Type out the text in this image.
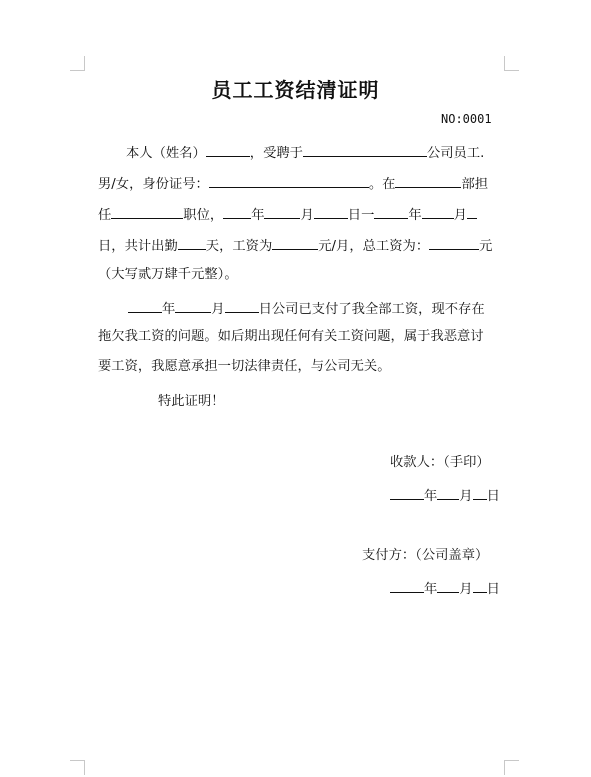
员工工资结清证明
NO:0001
本人（姓名）	，受聘于	公司员工.
男/女，身份证号：	。在	部担
任	职位， 年	月	日一	年 月
日，共计出勤 天，工资为	元/月，总工资为：	元
（大写贰万肆千元整）。
年	月	日公司已支付了我全部工资，现不存在
拖欠我工资的问题。如后期出现任何有关工资问题，属于我恶意讨
要工资，我愿意承担一切法律责任，与公司无关。
特此证明！
收款人：（手印）
年 月 日
支付方：（公司盖章）
年 月 日
